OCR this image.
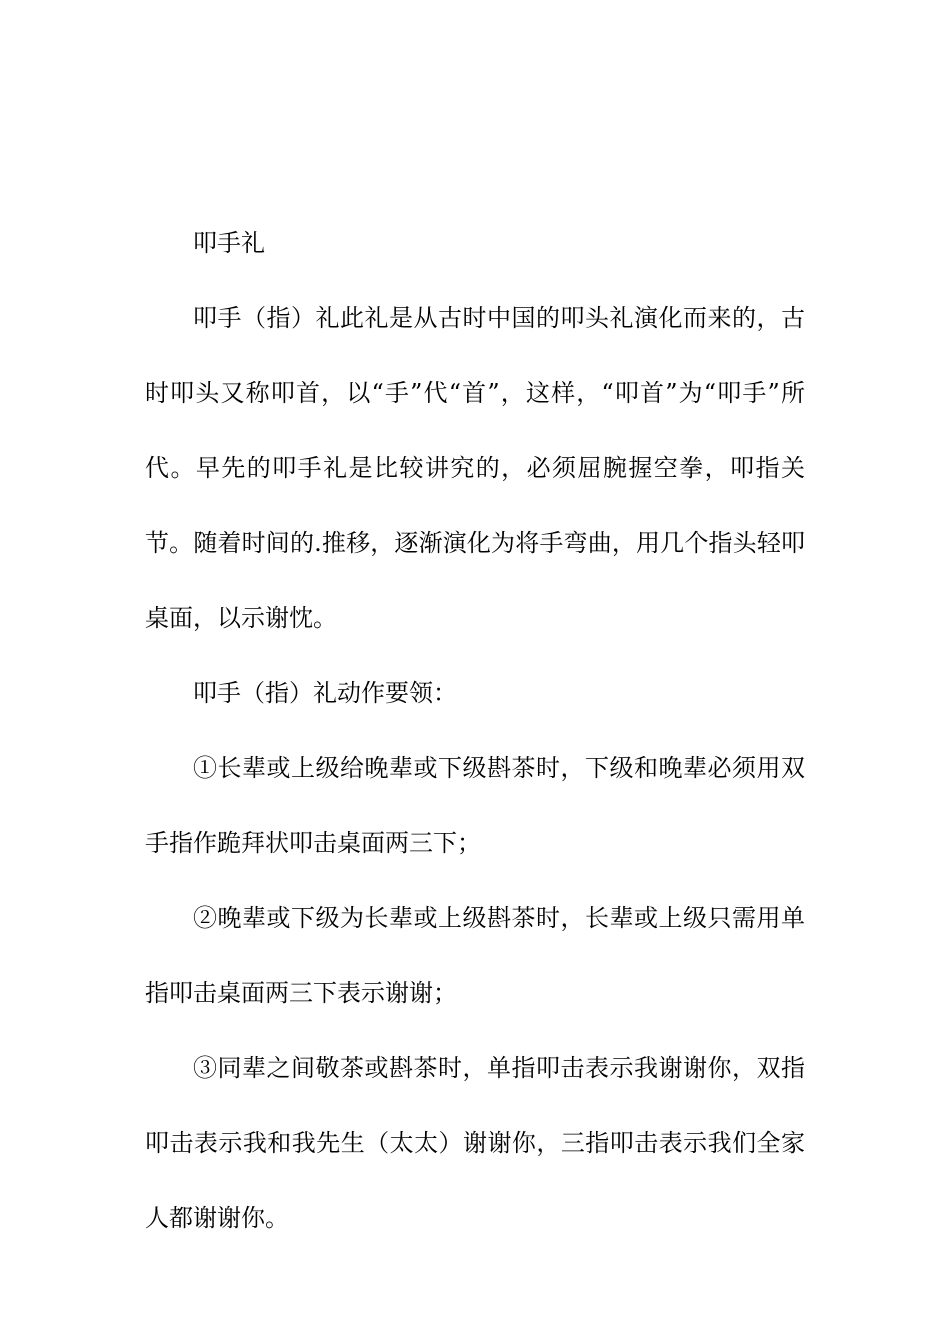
叩手礼

叩手（指）礼此礼是从古时中国的叩头礼演化而来的，古时叩头又称叩首，以“手”代“首”，这样，“叩首”为“叩手”所代。早先的叩手礼是比较讲究的，必须屈腕握空拳，叩指关节。随着时间的.推移，逐渐演化为将手弯曲，用几个指头轻叩桌面，以示谢忱。

叩手（指）礼动作要领：

①长辈或上级给晚辈或下级斟茶时，下级和晚辈必须用双手指作跪拜状叩击桌面两三下；

②晚辈或下级为长辈或上级斟茶时，长辈或上级只需用单指叩击桌面两三下表示谢谢；

③同辈之间敬茶或斟茶时，单指叩击表示我谢谢你，双指叩击表示我和我先生（太太）谢谢你，三指叩击表示我们全家人都谢谢你。
